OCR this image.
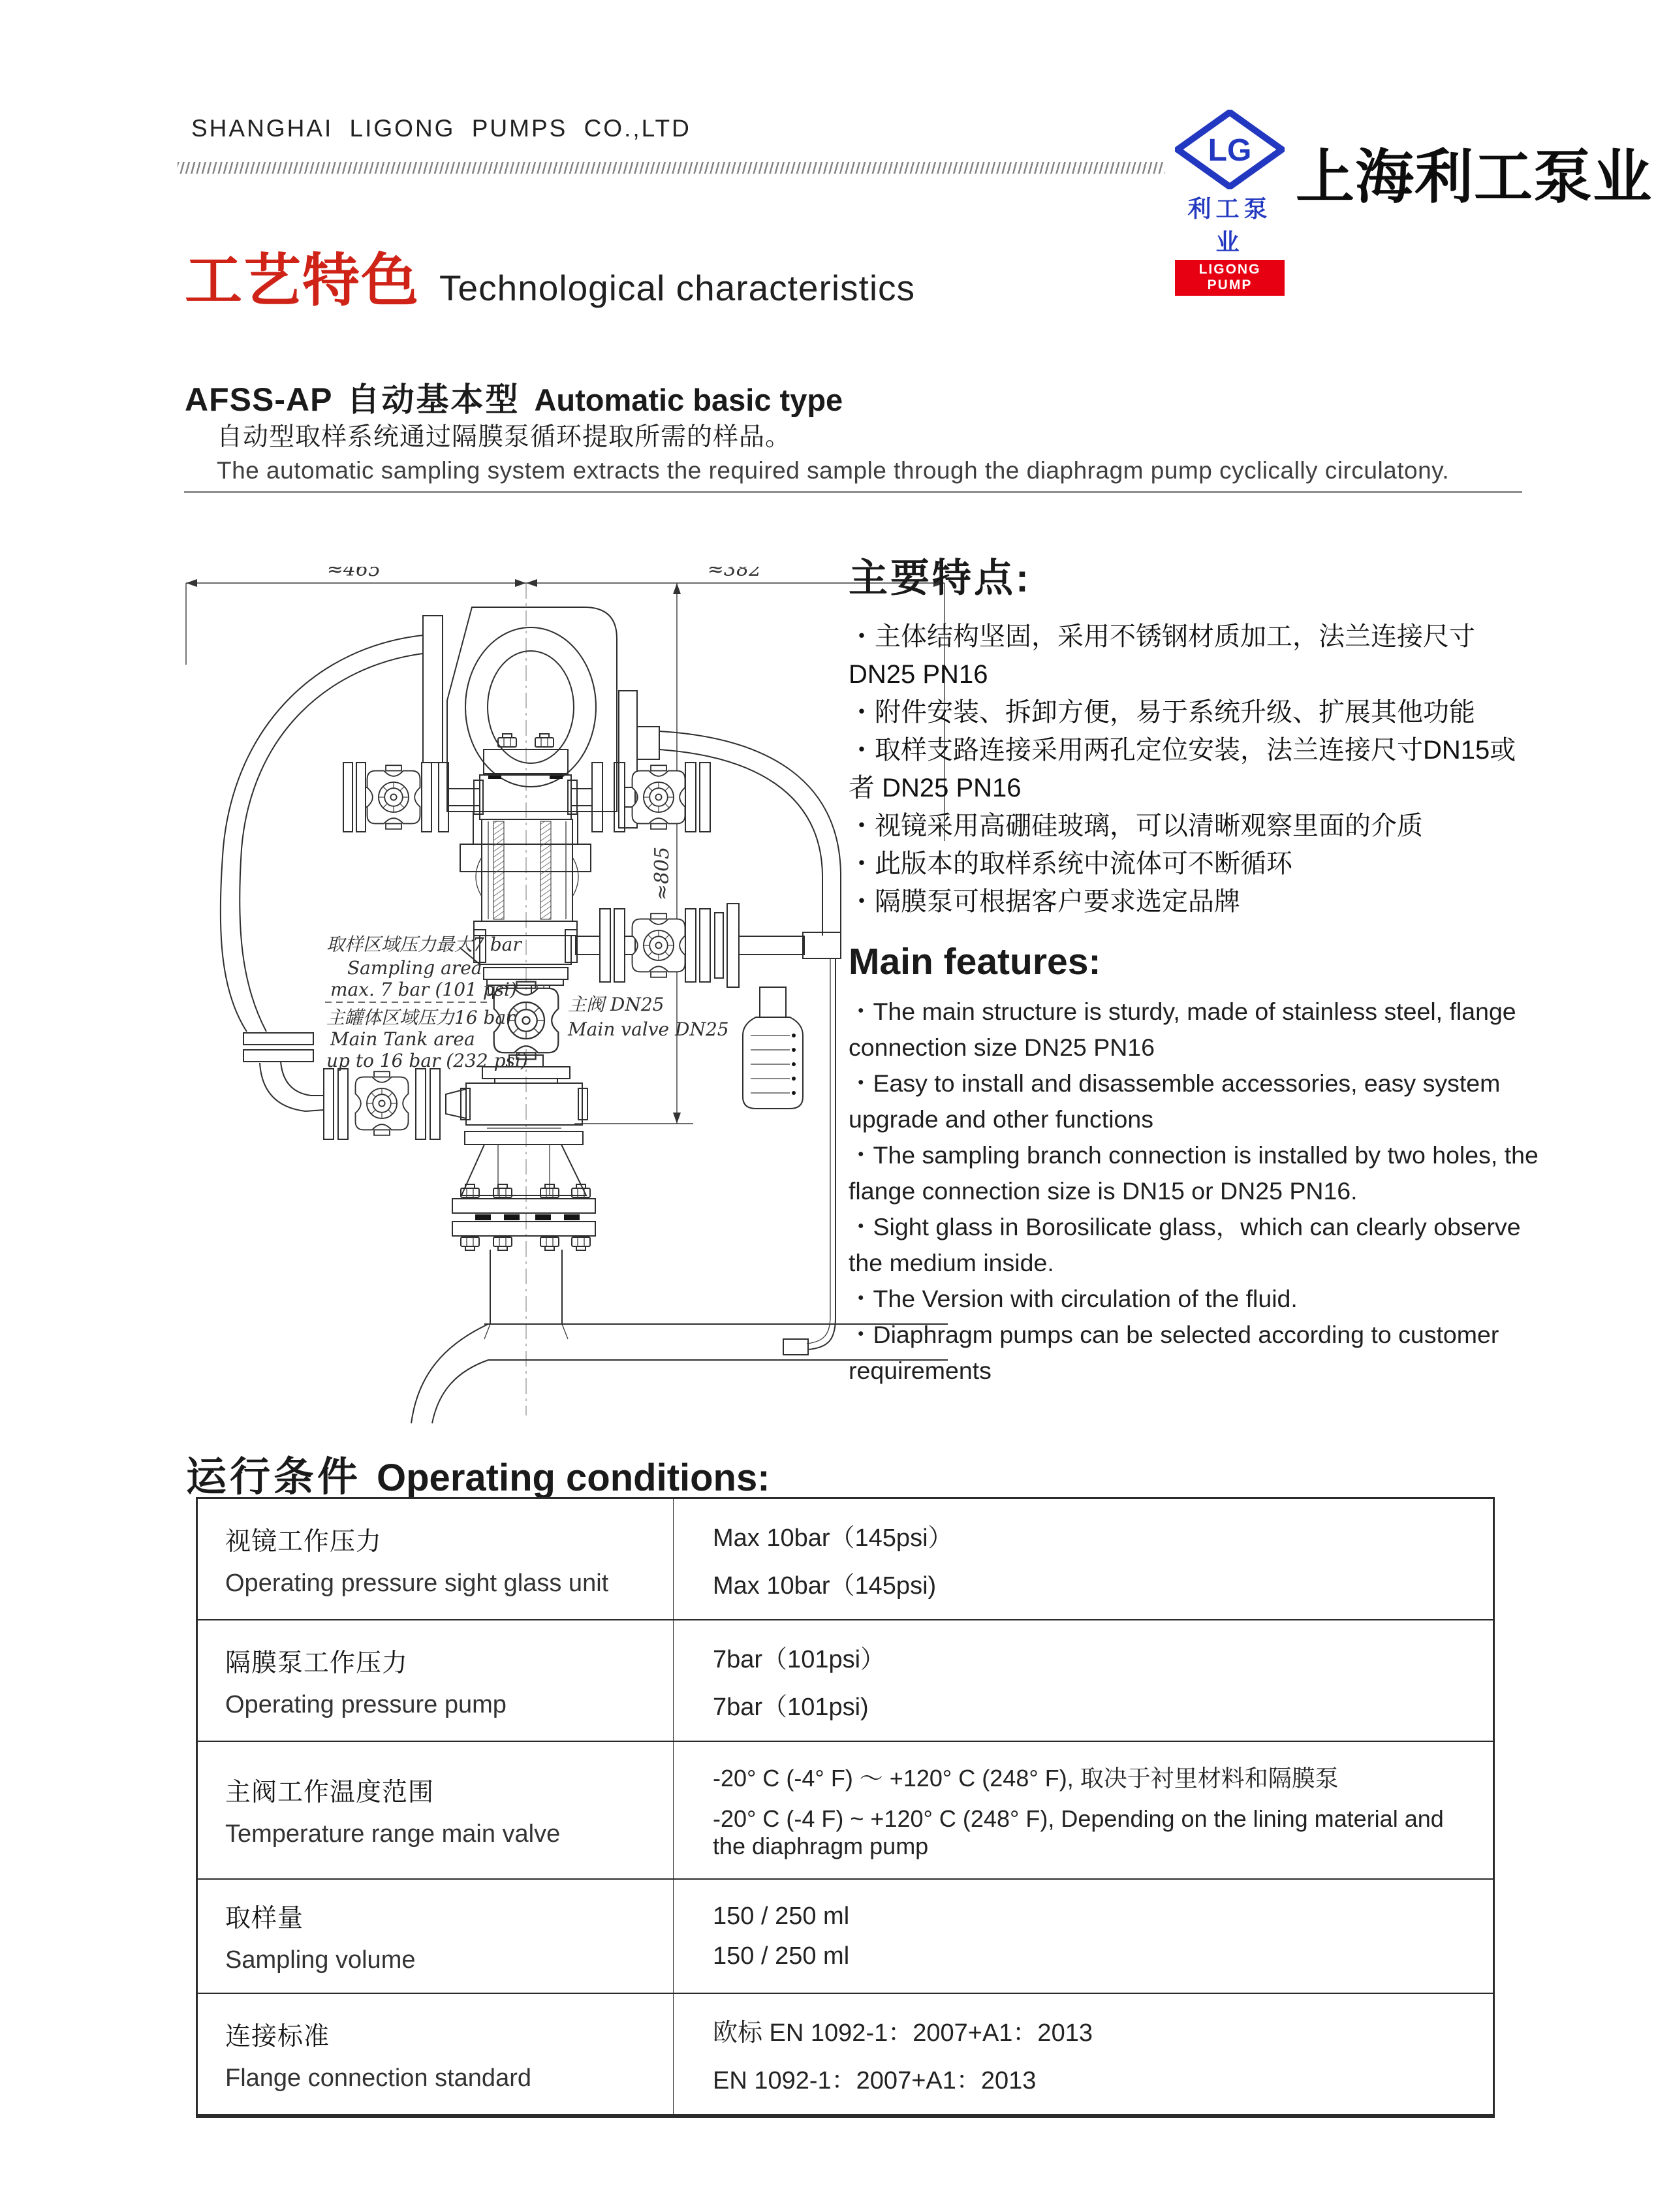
SHANGHAI LIGONG PUMPS CO.,LTD
LG
利工泵业
LIGONG PUMP
上海利工泵业
工艺特色 Technological characteristics
AFSS-AP 自动基本型 Automatic basic type
自动型取样系统通过隔膜泵循环提取所需的样品。
The automatic sampling system extracts the required sample through the diaphragm pump cyclically circulatony.
≈465	≈382
≈805
取样区域压力最大7 bar
Sampling area
max. 7 bar (101 psi)
主罐体区域压力16 bar
Main Tank area
up to 16 bar (232 psi)
主阀 DN25
Main valve DN25
主要特点:
・主体结构坚固，采用不锈钢材质加工，法兰连接尺寸DN25 PN16
・附件安装、拆卸方便，易于系统升级、扩展其他功能
・取样支路连接采用两孔定位安装，法兰连接尺寸DN15或者 DN25 PN16
・视镜采用高硼硅玻璃，可以清晰观察里面的介质
・此版本的取样系统中流体可不断循环
・隔膜泵可根据客户要求选定品牌
Main features:
・The main structure is sturdy, made of stainless steel, flange connection size DN25 PN16
・Easy to install and disassemble accessories, easy system upgrade and other functions
・The sampling branch connection is installed by two holes, the flange connection size is DN15 or DN25 PN16.
・Sight glass in Borosilicate glass，which can clearly observe the medium inside.
・The Version with circulation of the fluid.
・Diaphragm pumps can be selected according to customer requirements
运行条件 Operating conditions:
视镜工作压力
Operating pressure sight glass unit
Max 10bar（145psi）
Max 10bar（145psi)
隔膜泵工作压力
Operating pressure pump
7bar（101psi）
7bar（101psi)
主阀工作温度范围
Temperature range main valve
-20° C (-4° F) ～ +120° C (248° F), 取决于衬里材料和隔膜泵
-20° C (-4 F) ~ +120° C (248° F), Depending on the lining material and the diaphragm pump
取样量
Sampling volume
150 / 250 ml
150 / 250 ml
连接标准
Flange connection standard
欧标 EN 1092-1：2007+A1：2013
EN 1092-1：2007+A1：2013
